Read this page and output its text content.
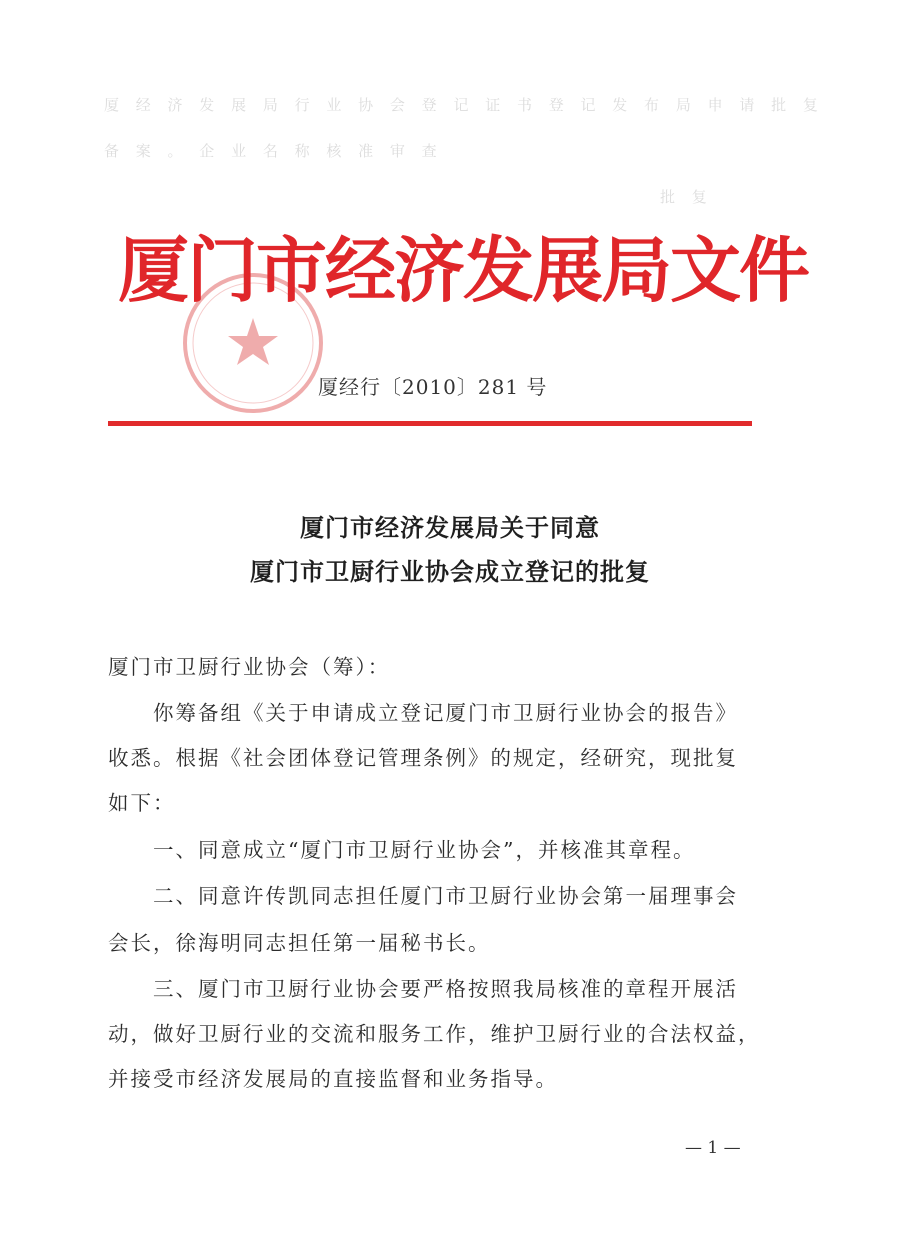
厦 经 济 发 展 局 行 业 协 会 登 记 证 书 登 记 发 布 局 申 请 批 复
备 案 。 企 业 名 称 核 准 审 查
批 复
厦门市经济发展局文件
厦经行〔2010〕281 号
厦门市经济发展局关于同意
厦门市卫厨行业协会成立登记的批复
厦门市卫厨行业协会（筹）：
　　你筹备组《关于申请成立登记厦门市卫厨行业协会的报告》
收悉。根据《社会团体登记管理条例》的规定，经研究，现批复
如下：
　　一、同意成立“厦门市卫厨行业协会”，并核准其章程。
　　二、同意许传凯同志担任厦门市卫厨行业协会第一届理事会
会长，徐海明同志担任第一届秘书长。
　　三、厦门市卫厨行业协会要严格按照我局核准的章程开展活
动，做好卫厨行业的交流和服务工作，维护卫厨行业的合法权益，
并接受市经济发展局的直接监督和业务指导。
— 1 —
